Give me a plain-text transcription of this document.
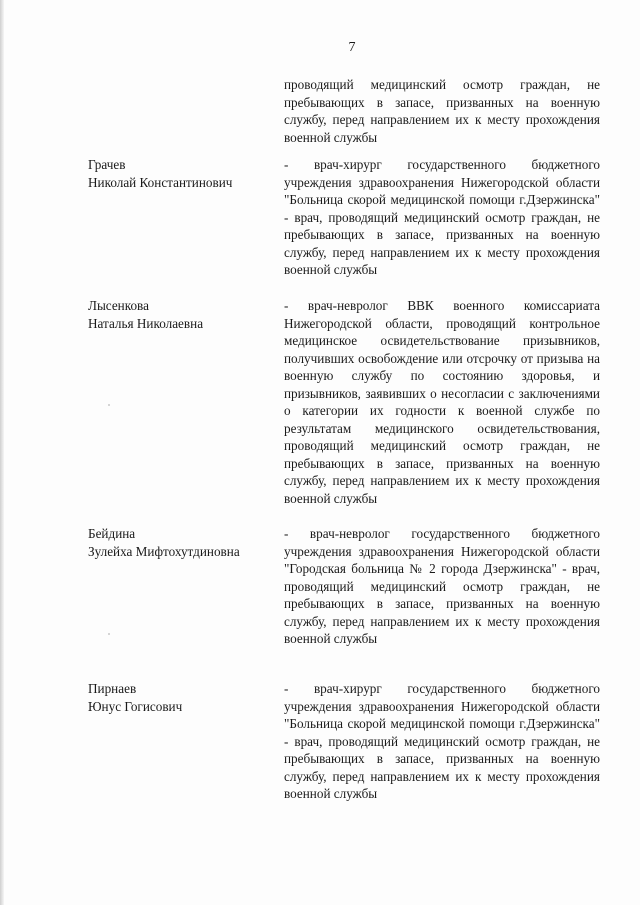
7
проводящий медицинский осмотр граждан, не пребывающих в запасе, призванных на военную службу, перед направлением их к месту прохождения военной службы
Грачев
Николай Константинович
- врач-хирург государственного бюджетного учреждения здравоохранения Нижегородской области "Больница скорой медицинской помощи г.Дзержинска" - врач, проводящий медицинский осмотр граждан, не пребывающих в запасе, призванных на военную службу, перед направлением их к месту прохождения военной службы
Лысенкова
Наталья Николаевна
- врач-невролог ВВК военного комиссариата Нижегородской области, проводящий контрольное медицинское освидетельствование призывников, получивших освобождение или отсрочку от призыва на военную службу по состоянию здоровья, и призывников, заявивших о несогласии с заключениями о категории их годности к военной службе по результатам медицинского освидетельствования, проводящий медицинский осмотр граждан, не пребывающих в запасе, призванных на военную службу, перед направлением их к месту прохождения военной службы
Бейдина
Зулейха Мифтохутдиновна
- врач-невролог государственного бюджетного учреждения здравоохранения Нижегородской области "Городская больница № 2 города Дзержинска" - врач, проводящий медицинский осмотр граждан, не пребывающих в запасе, призванных на военную службу, перед направлением их к месту прохождения военной службы
Пирнаев
Юнус Гогисович
- врач-хирург государственного бюджетного учреждения здравоохранения Нижегородской области "Больница скорой медицинской помощи г.Дзержинска" - врач, проводящий медицинский осмотр граждан, не пребывающих в запасе, призванных на военную службу, перед направлением их к месту прохождения военной службы
